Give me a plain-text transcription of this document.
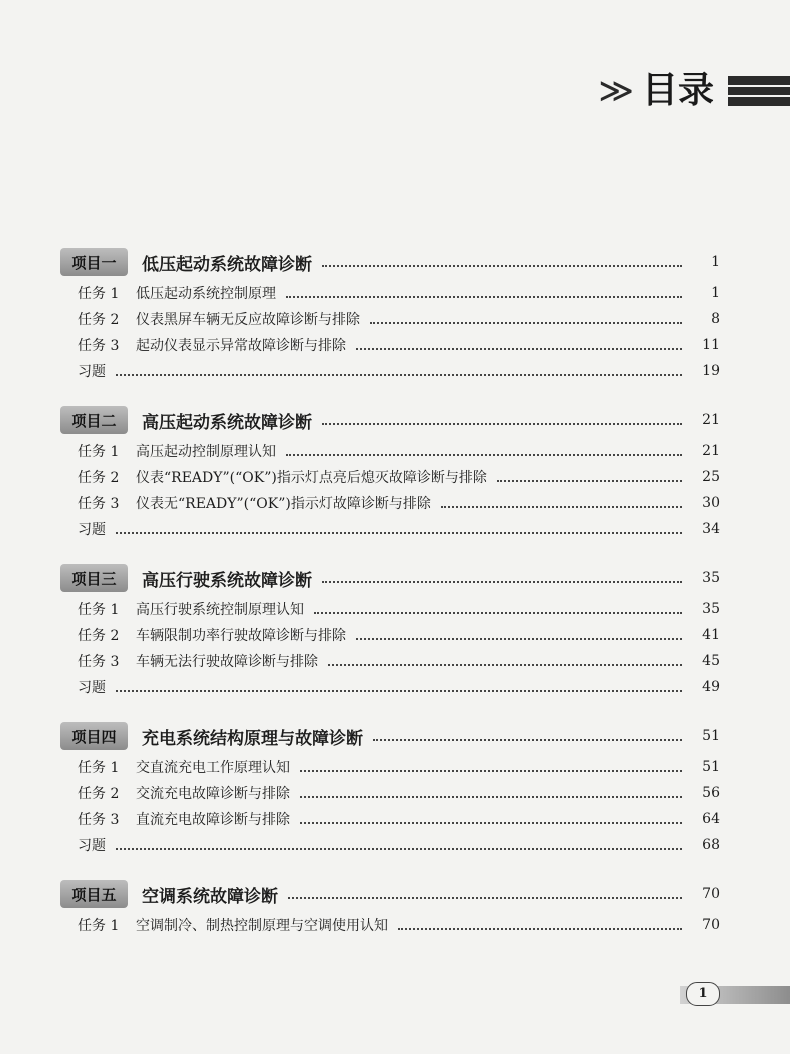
≫ 目录
项目一	低压起动系统故障诊断	1
任务 1	低压起动系统控制原理	1
任务 2	仪表黑屏车辆无反应故障诊断与排除	8
任务 3	起动仪表显示异常故障诊断与排除	11
习题	19
项目二	高压起动系统故障诊断	21
任务 1	高压起动控制原理认知	21
任务 2	仪表“READY”(“OK”)指示灯点亮后熄灭故障诊断与排除	25
任务 3	仪表无“READY”(“OK”)指示灯故障诊断与排除	30
习题	34
项目三	高压行驶系统故障诊断	35
任务 1	高压行驶系统控制原理认知	35
任务 2	车辆限制功率行驶故障诊断与排除	41
任务 3	车辆无法行驶故障诊断与排除	45
习题	49
项目四	充电系统结构原理与故障诊断	51
任务 1	交直流充电工作原理认知	51
任务 2	交流充电故障诊断与排除	56
任务 3	直流充电故障诊断与排除	64
习题	68
项目五	空调系统故障诊断	70
任务 1	空调制冷、制热控制原理与空调使用认知	70
1
